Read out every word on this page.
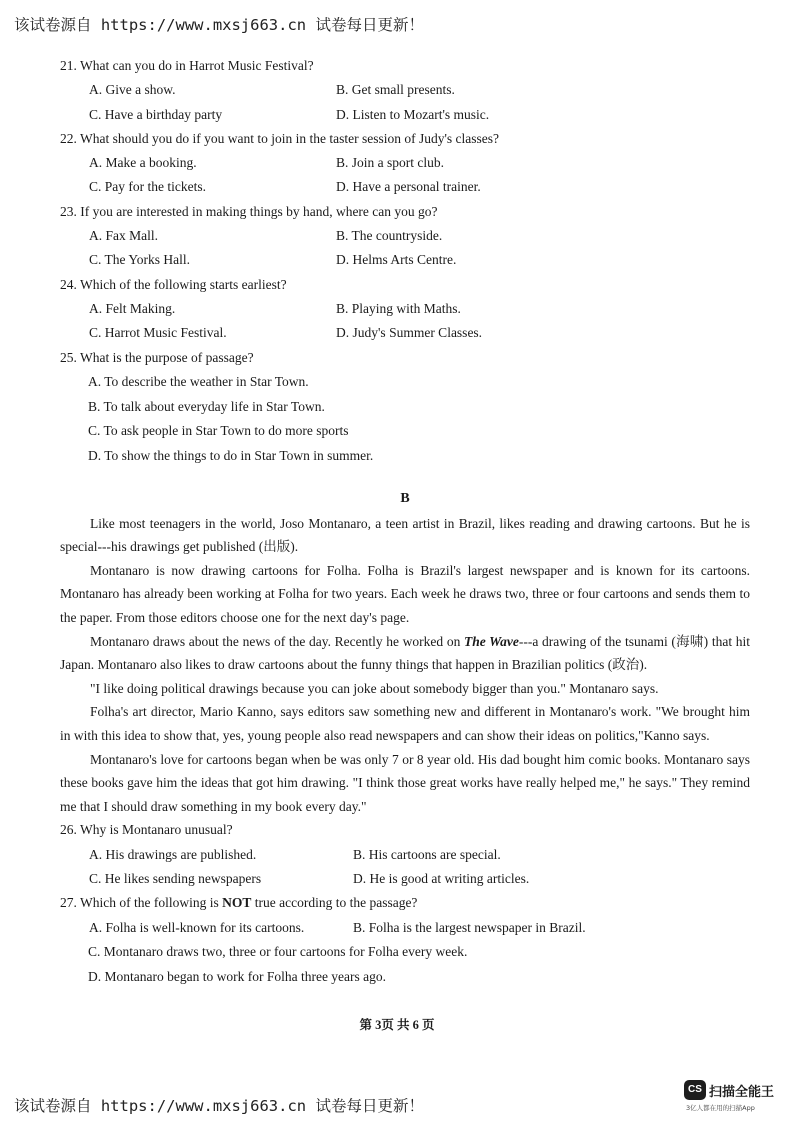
该试卷源自 https://www.mxsj663.cn 试卷每日更新！
21. What can you do in Harrot Music Festival?
A. Give a show.	B. Get small presents.
C. Have a birthday party	D. Listen to Mozart's music.
22. What should you do if you want to join in the taster session of Judy's classes?
A. Make a booking.	B. Join a sport club.
C. Pay for the tickets.	D. Have a personal trainer.
23. If you are interested in making things by hand, where can you go?
A. Fax Mall.	B. The countryside.
C. The Yorks Hall.	D. Helms Arts Centre.
24. Which of the following starts earliest?
A. Felt Making.	B. Playing with Maths.
C. Harrot Music Festival.	D. Judy's Summer Classes.
25. What is the purpose of passage?
A. To describe the weather in Star Town.
B. To talk about everyday life in Star Town.
C. To ask people in Star Town to do more sports
D. To show the things to do in Star Town in summer.
B

Like most teenagers in the world, Joso Montanaro, a teen artist in Brazil, likes reading and drawing cartoons. But he is special---his drawings get published (出版).

Montanaro is now drawing cartoons for Folha. Folha is Brazil's largest newspaper and is known for its cartoons. Montanaro has already been working at Folha for two years. Each week he draws two, three or four cartoons and sends them to the paper. From those editors choose one for the next day's page.

Montanaro draws about the news of the day. Recently he worked on The Wave---a drawing of the tsunami (海啸) that hit Japan. Montanaro also likes to draw cartoons about the funny things that happen in Brazilian politics (政治).

"I like doing political drawings because you can joke about somebody bigger than you." Montanaro says.

Folha's art director, Mario Kanno, says editors saw something new and different in Montanaro's work. "We brought him in with this idea to show that, yes, young people also read newspapers and can show their ideas on politics,"Kanno says.

Montanaro's love for cartoons began when be was only 7 or 8 year old. His dad bought him comic books. Montanaro says these books gave him the ideas that got him drawing. "I think those great works have really helped me," he says." They remind me that I should draw something in my book every day."

26. Why is Montanaro unusual?
A. His drawings are published.	B. His cartoons are special.
C. He likes sending newspapers	D. He is good at writing articles.
27. Which of the following is NOT true according to the passage?
A. Folha is well-known for its cartoons.	B. Folha is the largest newspaper in Brazil.
C. Montanaro draws two, three or four cartoons for Folha every week.
D. Montanaro began to work for Folha three years ago.
第 3页 共 6 页
该试卷源自 https://www.mxsj663.cn 试卷每日更新！
CS 扫描全能王
3亿人都在用的扫描App
